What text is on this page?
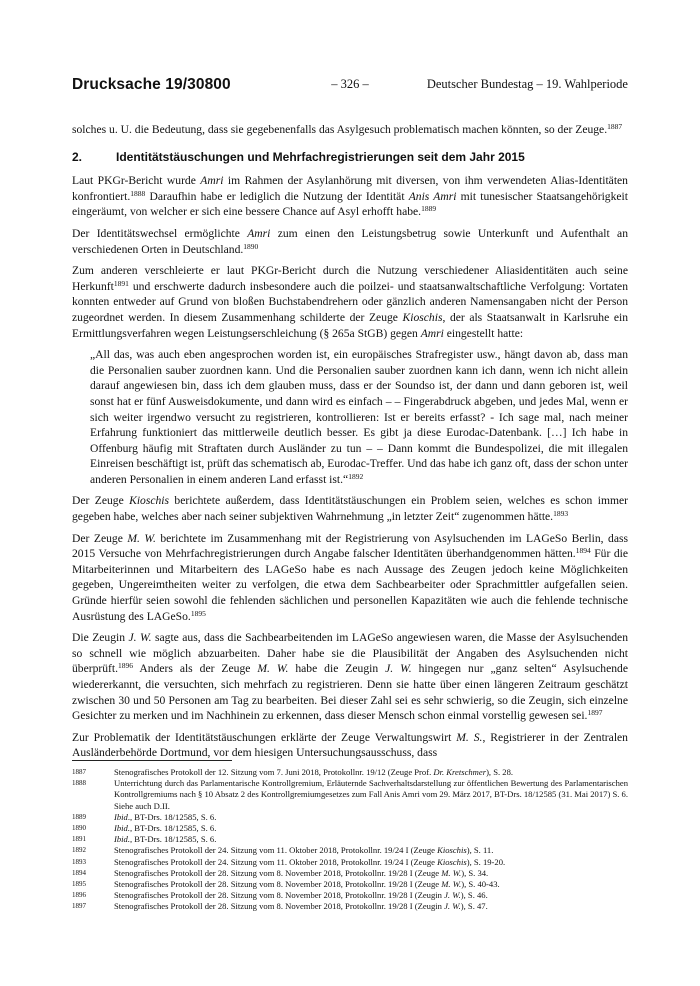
Drucksache 19/30800	– 326 –	Deutscher Bundestag – 19. Wahlperiode

solches u. U. die Bedeutung, dass sie gegebenenfalls das Asylgesuch problematisch machen könnten, so der Zeuge.$^{1887}$

2.	Identitätstäuschungen und Mehrfachregistrierungen seit dem Jahr 2015

Laut PKGr-Bericht wurde Amri im Rahmen der Asylanhörung mit diversen, von ihm verwendeten Alias-Identitäten konfrontiert.$^{1888}$ Daraufhin habe er lediglich die Nutzung der Identität Anis Amri mit tunesischer Staatsangehörigkeit eingeräumt, von welcher er sich eine bessere Chance auf Asyl erhofft habe.$^{1889}$

Der Identitätswechsel ermöglichte Amri zum einen den Leistungsbetrug sowie Unterkunft und Aufenthalt an verschiedenen Orten in Deutschland.$^{1890}$

Zum anderen verschleierte er laut PKGr-Bericht durch die Nutzung verschiedener Aliasidentitäten auch seine Herkunft$^{1891}$ und erschwerte dadurch insbesondere auch die poilzei- und staatsanwaltschaftliche Verfolgung: Vortaten konnten entweder auf Grund von bloßen Buchstabendrehern oder gänzlich anderen Namensangaben nicht der Person zugeordnet werden. In diesem Zusammenhang schilderte der Zeuge Kioschis, der als Staatsanwalt in Karlsruhe ein Ermittlungsverfahren wegen Leistungserschleichung (§ 265a StGB) gegen Amri eingestellt hatte:

„All das, was auch eben angesprochen worden ist, ein europäisches Strafregister usw., hängt davon ab, dass man die Personalien sauber zuordnen kann. Und die Personalien sauber zuordnen kann ich dann, wenn ich nicht allein darauf angewiesen bin, dass ich dem glauben muss, dass er der Soundso ist, der dann und dann geboren ist, weil sonst hat er fünf Ausweisdokumente, und dann wird es einfach – – Fingerabdruck abgeben, und jedes Mal, wenn er sich weiter irgendwo versucht zu registrieren, kontrollieren: Ist er bereits erfasst? - Ich sage mal, nach meiner Erfahrung funktioniert das mittlerweile deutlich besser. Es gibt ja diese Eurodac-Datenbank. […] Ich habe in Offenburg häufig mit Straftaten durch Ausländer zu tun – – Dann kommt die Bundespolizei, die mit illegalen Einreisen beschäftigt ist, prüft das schematisch ab, Eurodac-Treffer. Und das habe ich ganz oft, dass der schon unter anderen Personalien in einem anderen Land erfasst ist.“$^{1892}$

Der Zeuge Kioschis berichtete außerdem, dass Identitätstäuschungen ein Problem seien, welches es schon immer gegeben habe, welches aber nach seiner subjektiven Wahrnehmung „in letzter Zeit“ zugenommen hätte.$^{1893}$

Der Zeuge M. W. berichtete im Zusammenhang mit der Registrierung von Asylsuchenden im LAGeSo Berlin, dass 2015 Versuche von Mehrfachregistrierungen durch Angabe falscher Identitäten überhandgenommen hätten.$^{1894}$ Für die Mitarbeiterinnen und Mitarbeitern des LAGeSo habe es nach Aussage des Zeugen jedoch keine Möglichkeiten gegeben, Ungereimtheiten weiter zu verfolgen, die etwa dem Sachbearbeiter oder Sprachmittler aufgefallen seien. Gründe hierfür seien sowohl die fehlenden sächlichen und personellen Kapazitäten wie auch die fehlende technische Ausrüstung des LAGeSo.$^{1895}$

Die Zeugin J. W. sagte aus, dass die Sachbearbeitenden im LAGeSo angewiesen waren, die Masse der Asylsuchenden so schnell wie möglich abzuarbeiten. Daher habe sie die Plausibilität der Angaben des Asylsuchenden nicht überprüft.$^{1896}$ Anders als der Zeuge M. W. habe die Zeugin J. W. hingegen nur „ganz selten“ Asylsuchende wiedererkannt, die versuchten, sich mehrfach zu registrieren. Denn sie hatte über einen längeren Zeitraum geschätzt zwischen 30 und 50 Personen am Tag zu bearbeiten. Bei dieser Zahl sei es sehr schwierig, so die Zeugin, sich einzelne Gesichter zu merken und im Nachhinein zu erkennen, dass dieser Mensch schon einmal vorstellig gewesen sei.$^{1897}$

Zur Problematik der Identitätstäuschungen erklärte der Zeuge Verwaltungswirt M. S., Registrierer in der Zentralen Ausländerbehörde Dortmund, vor dem hiesigen Untersuchungsausschuss, dass

1887	Stenografisches Protokoll der 12. Sitzung vom 7. Juni 2018, Protokollnr. 19/12 (Zeuge Prof. Dr. Kretschmer), S. 28.
1888	Unterrichtung durch das Parlamentarische Kontrollgremium, Erläuternde Sachverhaltsdarstellung zur öffentlichen Bewertung des Parlamentarischen Kontrollgremiums nach § 10 Absatz 2 des Kontrollgremiumgesetzes zum Fall Anis Amri vom 29. März 2017, BT-Drs. 18/12585 (31. Mai 2017) S. 6. Siehe auch D.II.
1889	Ibid., BT-Drs. 18/12585, S. 6.
1890	Ibid., BT-Drs. 18/12585, S. 6.
1891	Ibid., BT-Drs. 18/12585, S. 6.
1892	Stenografisches Protokoll der 24. Sitzung vom 11. Oktober 2018, Protokollnr. 19/24 I (Zeuge Kioschis), S. 11.
1893	Stenografisches Protokoll der 24. Sitzung vom 11. Oktober 2018, Protokollnr. 19/24 I (Zeuge Kioschis), S. 19-20.
1894	Stenografisches Protokoll der 28. Sitzung vom 8. November 2018, Protokollnr. 19/28 I (Zeuge M. W.), S. 34.
1895	Stenografisches Protokoll der 28. Sitzung vom 8. November 2018, Protokollnr. 19/28 I (Zeuge M. W.), S. 40-43.
1896	Stenografisches Protokoll der 28. Sitzung vom 8. November 2018, Protokollnr. 19/28 I (Zeugin J. W.), S. 46.
1897	Stenografisches Protokoll der 28. Sitzung vom 8. November 2018, Protokollnr. 19/28 I (Zeugin J. W.), S. 47.
